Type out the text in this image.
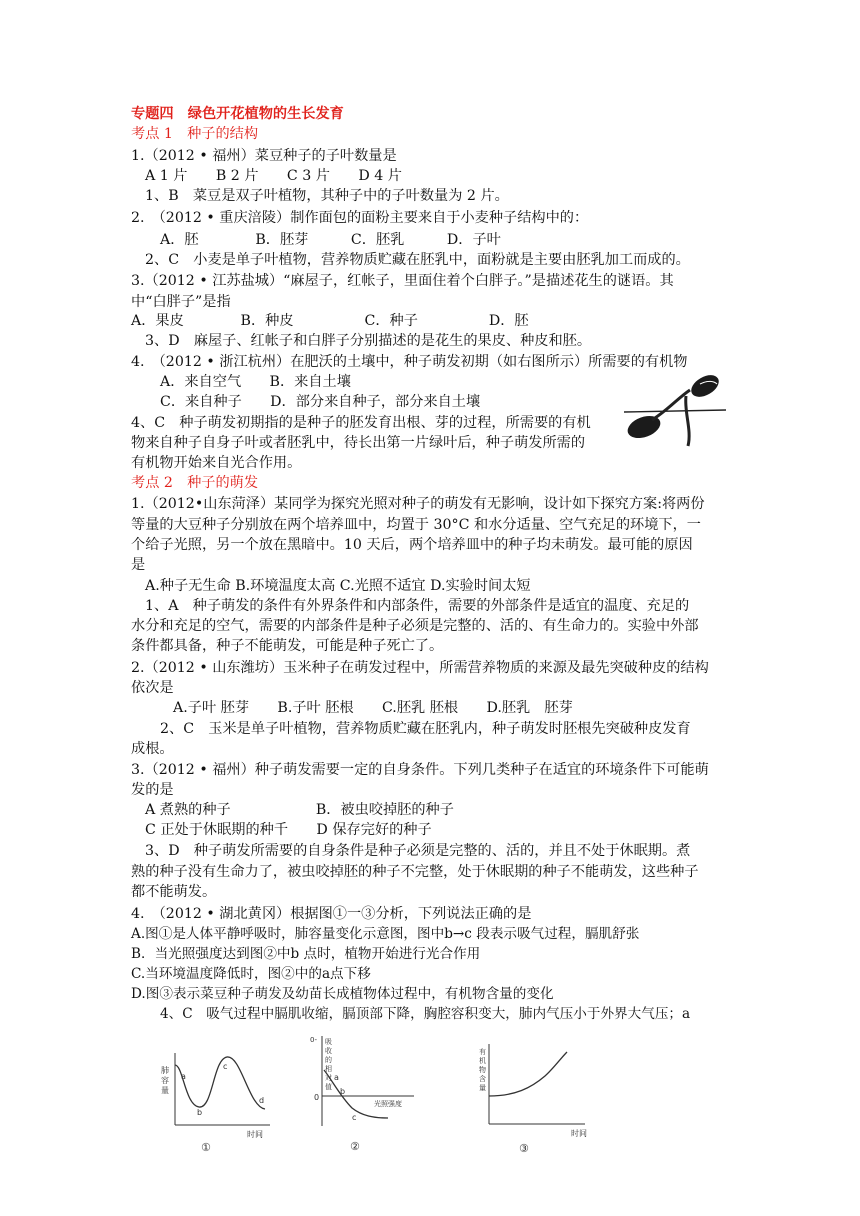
专题四　绿色开花植物的生长发育
考点 1　种子的结构
1.（2012 • 福州）菜豆种子的子叶数量是
A 1 片　　B 2 片　　C 3 片　　D 4 片
1、B　菜豆是双子叶植物，其种子中的子叶数量为 2 片。
2.　（2012 • 重庆涪陵）制作面包的面粉主要来自于小麦种子结构中的：
A．胚　　　　B．胚芽　　　C．胚乳　　　D．子叶
2、C　小麦是单子叶植物，营养物质贮藏在胚乳中，面粉就是主要由胚乳加工而成的。
3.（2012 • 江苏盐城）“麻屋子，红帐子，里面住着个白胖子。”是描述花生的谜语。其
中“白胖子”是指
A．果皮　　　　B．种皮　　　　　C．种子　　　　　D．胚
3、D　麻屋子、红帐子和白胖子分别描述的是花生的果皮、种皮和胚。
4.　（2012 • 浙江杭州）在肥沃的土壤中，种子萌发初期（如右图所示）所需要的有机物
A．来自空气　　B．来自土壤
C．来自种子　　D．部分来自种子，部分来自土壤
4、C　种子萌发初期指的是种子的胚发育出根、芽的过程，所需要的有机
物来自种子自身子叶或者胚乳中，待长出第一片绿叶后，种子萌发所需的
有机物开始来自光合作用。
考点 2　种子的萌发
1.（2012•山东菏泽）某同学为探究光照对种子的萌发有无影响，设计如下探究方案:将两份
等量的大豆种子分别放在两个培养皿中，均置于 30°C 和水分适量、空气充足的环境下，一
个给子光照，另一个放在黑暗中。10 天后，两个培养皿中的种子均未萌发。最可能的原因
是
A.种子无生命 B.环境温度太高 C.光照不适宜 D.实验时间太短
1、A　种子萌发的条件有外界条件和内部条件，需要的外部条件是适宜的温度、充足的
水分和充足的空气，需要的内部条件是种子必须是完整的、活的、有生命力的。实验中外部
条件都具备，种子不能萌发，可能是种子死亡了。
2.（2012 • 山东潍坊）玉米种子在萌发过程中，所需营养物质的来源及最先突破种皮的结构
依次是
A.子叶 胚芽　　B.子叶 胚根　　C.胚乳 胚根　　D.胚乳　胚芽
2、C　玉米是单子叶植物，营养物质贮藏在胚乳内，种子萌发时胚根先突破种皮发育
成根。
3.（2012 • 福州）种子萌发需要一定的自身条件。下列几类种子在适宜的环境条件下可能萌
发的是
A 煮熟的种子　　　　　　B．被虫咬掉胚的种子
C 正处于休眠期的种千　　D 保存完好的种子
3、D　种子萌发所需要的自身条件是种子必须是完整的、活的，并且不处于休眠期。煮
熟的种子没有生命力了，被虫咬掉胚的种子不完整，处于休眠期的种子不能萌发，这些种子
都不能萌发。
4.　（2012 • 湖北黄冈）根据图①一③分析，下列说法正确的是
A.图①是人体平静呼吸时，肺容量变化示意图，图中b→c 段表示吸气过程，膈肌舒张
B．当光照强度达到图②中b 点时，植物开始进行光合作用
C.当环境温度降低时，图②中的a点下移
D.图③表示菜豆种子萌发及幼苗长成植物体过程中，有机物含量的变化
4、C　吸气过程中膈肌收缩，膈顶部下降，胸腔容积变大，肺内气压小于外界大气压；a
肺
容
量
a
b
c
d
时间
①
0- 吸
收
的
相
对
值
0
a
b
c
光照强度
②
有
机
物
含
量
时间
③
